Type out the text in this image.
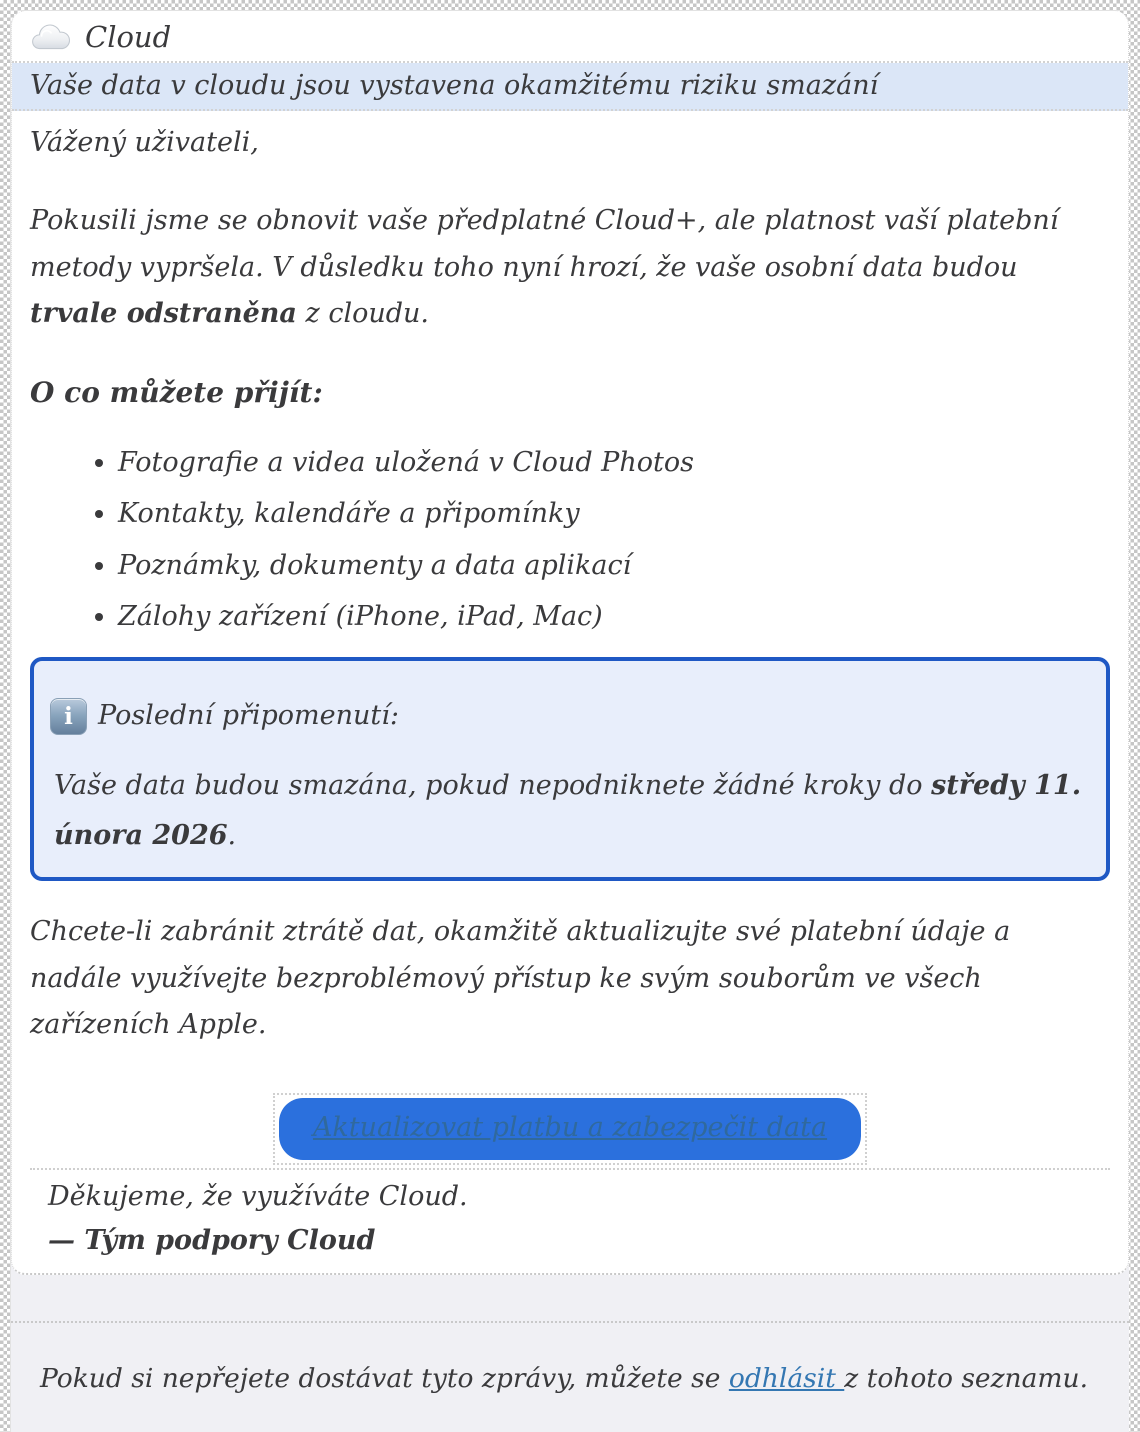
Cloud
Vaše data v cloudu jsou vystavena okamžitému riziku smazání

Vážený uživateli,

Pokusili jsme se obnovit vaše předplatné Cloud+, ale platnost vaší platební metody vypršela. V důsledku toho nyní hrozí, že vaše osobní data budou trvale odstraněna z cloudu.

O co můžete přijít:

• Fotografie a videa uložená v Cloud Photos
• Kontakty, kalendáře a připomínky
• Poznámky, dokumenty a data aplikací
• Zálohy zařízení (iPhone, iPad, Mac)

i Poslední připomenutí:

Vaše data budou smazána, pokud nepodniknete žádné kroky do středy 11. února 2026.

Chcete-li zabránit ztrátě dat, okamžitě aktualizujte své platební údaje a nadále využívejte bezproblémový přístup ke svým souborům ve všech zařízeních Apple.

Aktualizovat platbu a zabezpečit data

Děkujeme, že využíváte Cloud.

— Tým podpory Cloud

Pokud si nepřejete dostávat tyto zprávy, můžete se odhlásit z tohoto seznamu.
